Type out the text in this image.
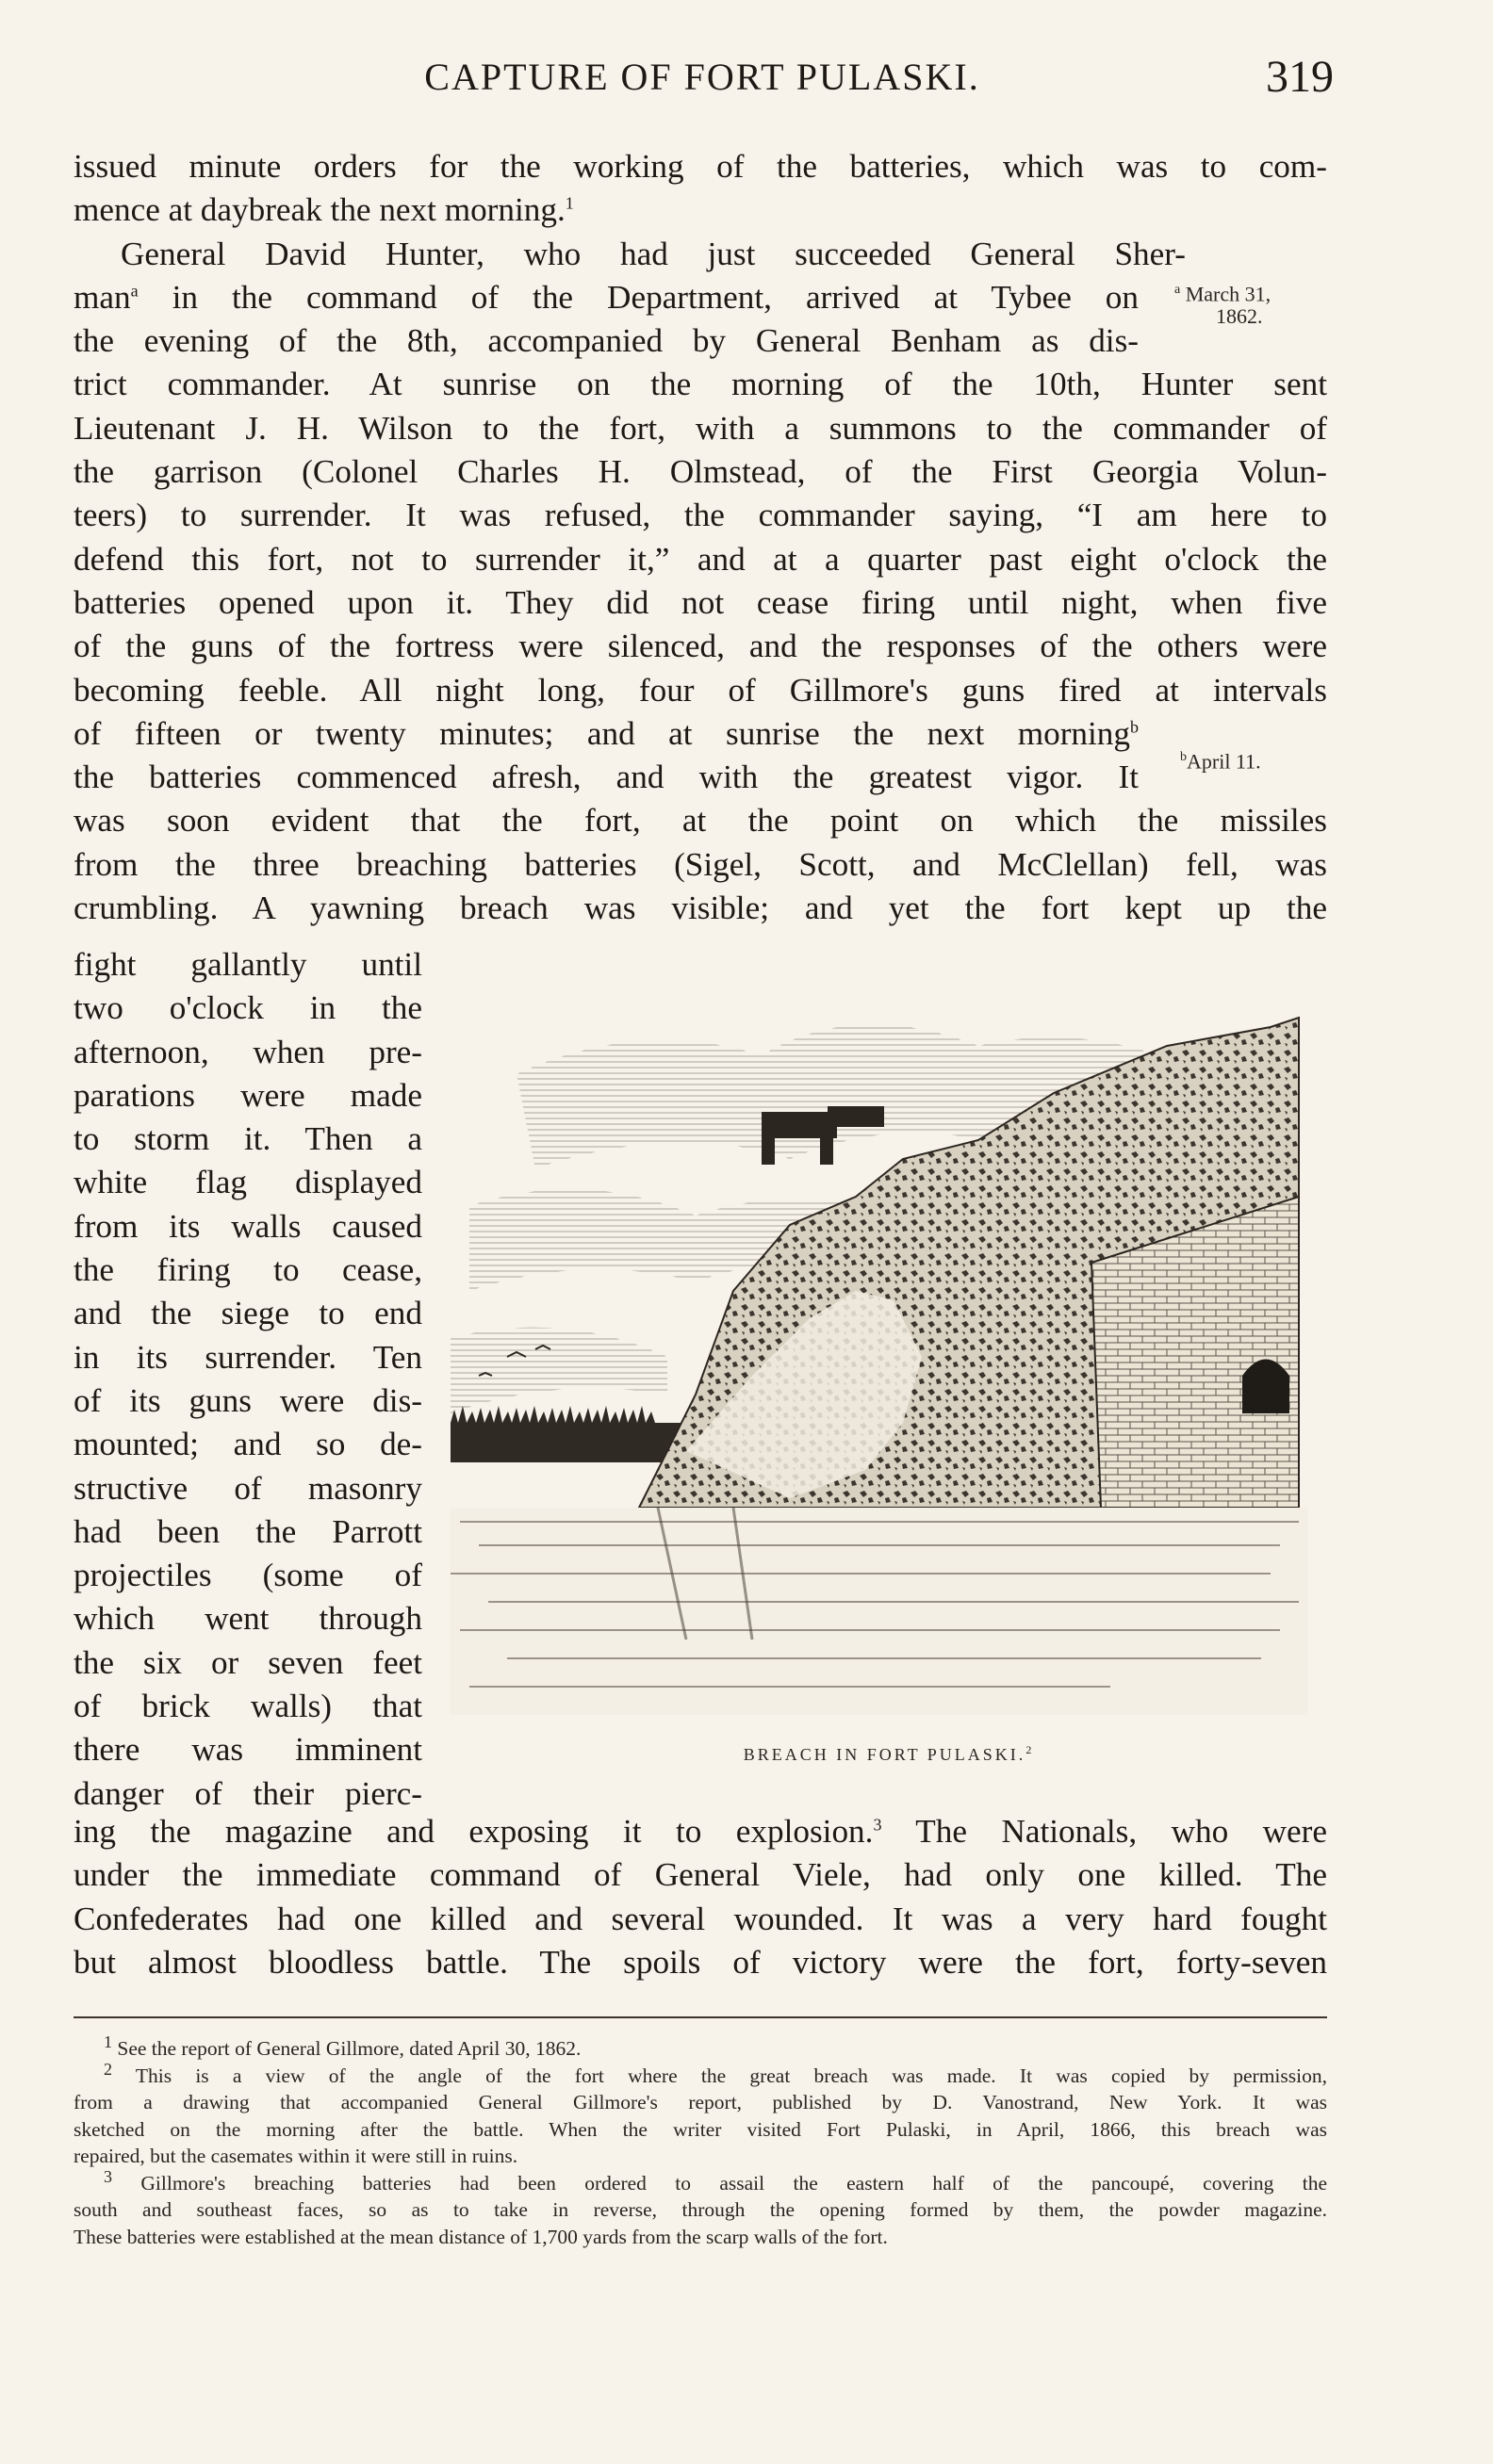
CAPTURE OF FORT PULASKI.	319
issued minute orders for the working of the batteries, which was to com-
mence at daybreak the next morning.$^1$
General David Hunter, who had just succeeded General Sher-
man$^a$ in the command of the Department, arrived at Tybee on
the evening of the 8th, accompanied by General Benham as dis-
trict commander. At sunrise on the morning of the 10th, Hunter sent
Lieutenant J. H. Wilson to the fort, with a summons to the commander of
the garrison (Colonel Charles H. Olmstead, of the First Georgia Volun-
teers) to surrender. It was refused, the commander saying, “I am here to
defend this fort, not to surrender it,” and at a quarter past eight o'clock the
batteries opened upon it. They did not cease firing until night, when five
of the guns of the fortress were silenced, and the responses of the others were
becoming feeble. All night long, four of Gillmore's guns fired at intervals
of fifteen or twenty minutes; and at sunrise the next morning$^b$
the batteries commenced afresh, and with the greatest vigor. It
was soon evident that the fort, at the point on which the missiles
from the three breaching batteries (Sigel, Scott, and McClellan) fell, was
crumbling. A yawning breach was visible; and yet the fort kept up the
$^a$ March 31,
1862.
$^b$April 11.
fight gallantly until
two o'clock in the
afternoon, when pre-
parations were made
to storm it. Then a
white flag displayed
from its walls caused
the firing to cease,
and the siege to end
in its surrender. Ten
of its guns were dis-
mounted; and so de-
structive of masonry
had been the Parrott
projectiles (some of
which went through
the six or seven feet
of brick walls) that
there was imminent
danger of their pierc-
BREACH IN FORT PULASKI.$^2$
ing the magazine and exposing it to explosion.$^3$ The Nationals, who were
under the immediate command of General Viele, had only one killed. The
Confederates had one killed and several wounded. It was a very hard fought
but almost bloodless battle. The spoils of victory were the fort, forty-seven
$^1$ See the report of General Gillmore, dated April 30, 1862.
$^2$ This is a view of the angle of the fort where the great breach was made. It was copied by permission,
from a drawing that accompanied General Gillmore's report, published by D. Vanostrand, New York. It was
sketched on the morning after the battle. When the writer visited Fort Pulaski, in April, 1866, this breach was
repaired, but the casemates within it were still in ruins.
$^3$ Gillmore's breaching batteries had been ordered to assail the eastern half of the pancoupé, covering the
south and southeast faces, so as to take in reverse, through the opening formed by them, the powder magazine.
These batteries were established at the mean distance of 1,700 yards from the scarp walls of the fort.
